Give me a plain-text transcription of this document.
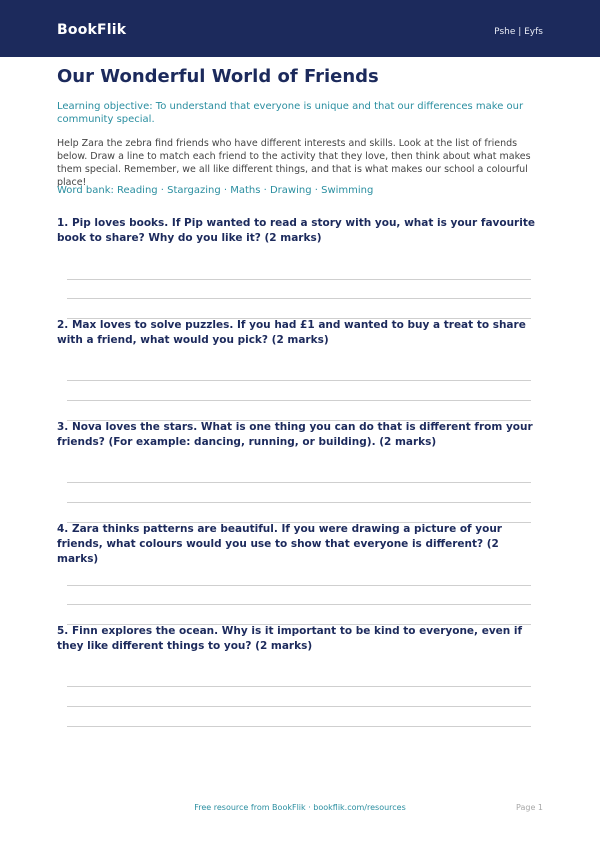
BookFlik	Pshe | Eyfs
Our Wonderful World of Friends
Learning objective: To understand that everyone is unique and that our differences make our community special.
Help Zara the zebra find friends who have different interests and skills. Look at the list of friends below. Draw a line to match each friend to the activity that they love, then think about what makes them special. Remember, we all like different things, and that is what makes our school a colourful place!
Word bank: Reading · Stargazing · Maths · Drawing · Swimming
1. Pip loves books. If Pip wanted to read a story with you, what is your favourite book to share? Why do you like it? (2 marks)
2. Max loves to solve puzzles. If you had £1 and wanted to buy a treat to share with a friend, what would you pick? (2 marks)
3. Nova loves the stars. What is one thing you can do that is different from your friends? (For example: dancing, running, or building). (2 marks)
4. Zara thinks patterns are beautiful. If you were drawing a picture of your friends, what colours would you use to show that everyone is different? (2 marks)
5. Finn explores the ocean. Why is it important to be kind to everyone, even if they like different things to you? (2 marks)
Free resource from BookFlik · bookflik.com/resources	Page 1
